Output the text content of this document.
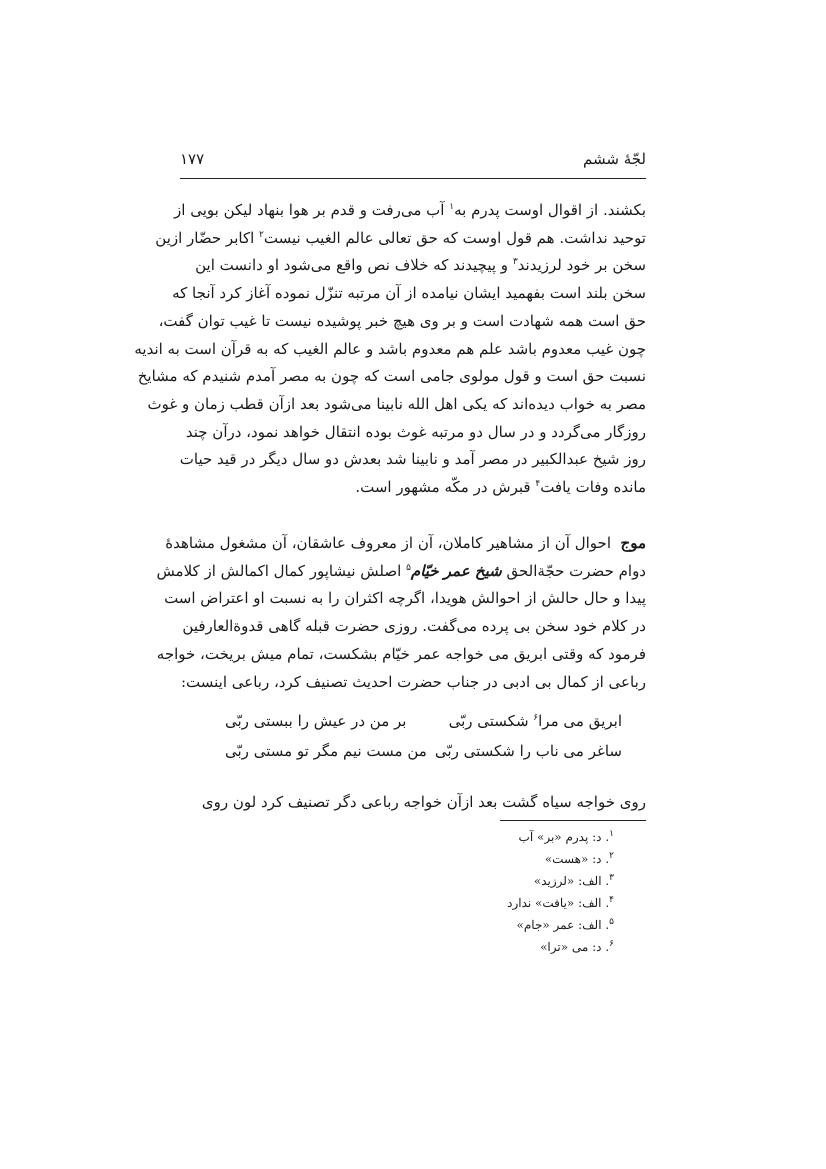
لجّهٔ ششم
۱۷۷
بکشند. از اقوال اوست پدرم به$^۱$ آب می‌رفت و قدم بر هوا بنهاد لیکن بویی از
توحید نداشت. هم قول اوست که حق تعالی عالم الغیب نیست$^۲$ اکابر حضّار ازین
سخن بر خود لرزیدند$^۳$ و پیچیدند که خلاف نص واقع می‌شود او دانست این
سخن بلند است بفهمید ایشان نیامده از آن مرتبه تنزّل نموده آغاز کرد آنجا که
حق است همه شهادت است و بر وی هیچ خبر پوشیده نیست تا غیب توان گفت،
چون غیب معدوم باشد علم هم معدوم باشد و عالم الغیب که به قرآن است به اندیه
نسبت حق است و قول مولوی جامی است که چون به مصر آمدم شنیدم که مشایخ
مصر به خواب دیده‌اند که یکی اهل الله نابینا می‌شود بعد ازآن قطب زمان و غوث
روزگار می‌گردد و در سال دو مرتبه غوث بوده انتقال خواهد نمود، درآن چند
روز شیخ عبدالکبیر در مصر آمد و نابینا شد بعدش دو سال دیگر در قید حیات
مانده وفات یافت$^۴$ قبرش در مکّه مشهور است.
موج  احوال آن از مشاهیر کاملان، آن از معروف عاشقان، آن مشغول مشاهدهٔ
دوام حضرت حجّةالحق شیخ عمر خیّام$^۵$ اصلش نیشاپور کمال اکمالش از کلامش
پیدا و حال حالش از احوالش هویدا، اگرچه اکثران را به نسبت او اعتراض است
در کلام خود سخن بی پرده می‌گفت. روزی حضرت قبله گاهی قدوةالعارفین
فرمود که وقتی ابریق می خواجه عمر خیّام بشکست، تمام میش بریخت، خواجه
رباعی از کمال بی ادبی در جناب حضرت احدیث تصنیف کرد، رباعی اینست:
ابریق می مرا$^۶$ شکستی ربّی
بر من در عیش را ببستی ربّی
ساغر می ناب را شکستی ربّی
من مست نیم مگر تو مستی ربّی
روی خواجه سیاه گشت بعد ازآن خواجه رباعی دگر تصنیف کرد لون روی
$^۱$. د: پدرم «بر» آب
$^۲$. د: «هست»
$^۳$. الف: «لرزید»
$^۴$. الف: «یافت» ندارد
$^۵$. الف: عمر «جام»
$^۶$. د: می «ترا»
